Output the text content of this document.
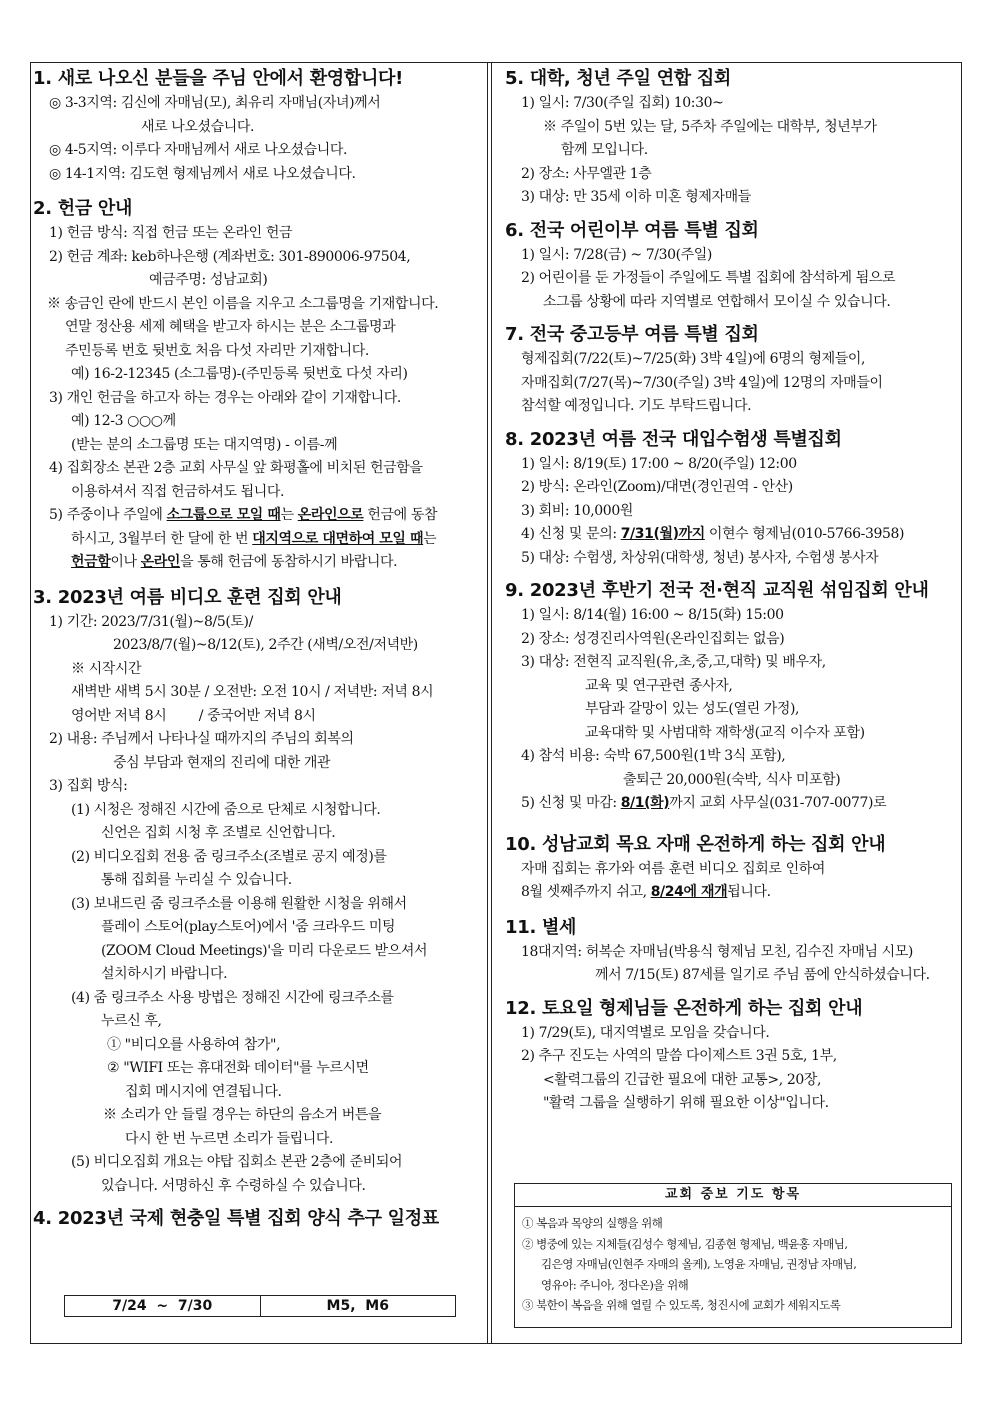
1. 새로 나오신 분들을 주님 안에서 환영합니다!
◎ 3-3지역: 김신에 자매님(모), 최유리 자매님(자녀)께서
새로 나오셨습니다.
◎ 4-5지역: 이루다 자매님께서 새로 나오셨습니다.
◎ 14-1지역: 김도현 형제님께서 새로 나오셨습니다.
2. 헌금 안내
1) 헌금 방식: 직접 헌금 또는 온라인 헌금
2) 헌금 계좌: keb하나은행 (계좌번호: 301-890006-97504,
예금주명: 성남교회)
※ 송금인 란에 반드시 본인 이름을 지우고 소그룹명을 기재합니다.
연말 정산용 세제 혜택을 받고자 하시는 분은 소그룹명과
주민등록 번호 뒷번호 처음 다섯 자리만 기재합니다.
예) 16-2-12345 (소그룹명)-(주민등록 뒷번호 다섯 자리)
3) 개인 헌금을 하고자 하는 경우는 아래와 같이 기재합니다.
예) 12-3 ○○○께
(받는 분의 소그룹명 또는 대지역명) - 이름-께
4) 집회장소 본관 2층 교회 사무실 앞 화평홀에 비치된 헌금함을
이용하셔서 직접 헌금하셔도 됩니다.
5) 주중이나 주일에 소그룹으로 모일 때는 온라인으로 헌금에 동참
하시고, 3월부터 한 달에 한 번 대지역으로 대면하여 모일 때는
헌금함이나 온라인을 통해 헌금에 동참하시기 바랍니다.
3. 2023년 여름 비디오 훈련 집회 안내
1) 기간: 2023/7/31(월)~8/5(토)/
2023/8/7(월)~8/12(토), 2주간 (새벽/오전/저녁반)
※ 시작시간
새벽반 새벽 5시 30분 / 오전반: 오전 10시 / 저녁반: 저녁 8시
영어반 저녁 8시        / 중국어반 저녁 8시
2) 내용: 주님께서 나타나실 때까지의 주님의 회복의
중심 부담과 현재의 진리에 대한 개관
3) 집회 방식:
(1) 시청은 정해진 시간에 줌으로 단체로 시청합니다.
신언은 집회 시청 후 조별로 신언합니다.
(2) 비디오집회 전용 줌 링크주소(조별로 공지 예정)를
통해 집회를 누리실 수 있습니다.
(3) 보내드린 줌 링크주소를 이용해 원활한 시청을 위해서
플레이 스토어(play스토어)에서 '줌 크라우드 미팅
(ZOOM Cloud Meetings)'을 미리 다운로드 받으셔서
설치하시기 바랍니다.
(4) 줌 링크주소 사용 방법은 정해진 시간에 링크주소를
누르신 후,
① "비디오를 사용하여 참가",
② "WIFI 또는 휴대전화 데이터"를 누르시면
집회 메시지에 연결됩니다.
※ 소리가 안 들릴 경우는 하단의 음소거 버튼을
다시 한 번 누르면 소리가 들립니다.
(5) 비디오집회 개요는 야탑 집회소 본관 2층에 준비되어
있습니다. 서명하신 후 수령하실 수 있습니다.
4. 2023년 국제 현충일 특별 집회 양식 추구 일정표
7/24  ~  7/30	M5,  M6
5. 대학, 청년 주일 연합 집회
1) 일시: 7/30(주일 집회) 10:30~
※ 주일이 5번 있는 달, 5주차 주일에는 대학부, 청년부가
함께 모입니다.
2) 장소: 사무엘관 1층
3) 대상: 만 35세 이하 미혼 형제자매들
6. 전국 어린이부 여름 특별 집회
1) 일시: 7/28(금) ~ 7/30(주일)
2) 어린이를 둔 가정들이 주일에도 특별 집회에 참석하게 됨으로
소그룹 상황에 따라 지역별로 연합해서 모이실 수 있습니다.
7. 전국 중고등부 여름 특별 집회
형제집회(7/22(토)~7/25(화) 3박 4일)에 6명의 형제들이,
자매집회(7/27(목)~7/30(주일) 3박 4일)에 12명의 자매들이
참석할 예정입니다. 기도 부탁드립니다.
8. 2023년 여름 전국 대입수험생 특별집회
1) 일시: 8/19(토) 17:00 ~ 8/20(주일) 12:00
2) 방식: 온라인(Zoom)/대면(경인권역 - 안산)
3) 회비: 10,000원
4) 신청 및 문의: 7/31(월)까지 이현수 형제님(010-5766-3958)
5) 대상: 수험생, 차상위(대학생, 청년) 봉사자, 수험생 봉사자
9. 2023년 후반기 전국 전·현직 교직원 섞임집회 안내
1) 일시: 8/14(월) 16:00 ~ 8/15(화) 15:00
2) 장소: 성경진리사역원(온라인집회는 없음)
3) 대상: 전현직 교직원(유,초,중,고,대학) 및 배우자,
교육 및 연구관련 종사자,
부담과 갈망이 있는 성도(열린 가정),
교육대학 및 사범대학 재학생(교직 이수자 포함)
4) 참석 비용: 숙박 67,500원(1박 3식 포함),
출퇴근 20,000원(숙박, 식사 미포함)
5) 신청 및 마감: 8/1(화)까지 교회 사무실(031-707-0077)로
10. 성남교회 목요 자매 온전하게 하는 집회 안내
자매 집회는 휴가와 여름 훈련 비디오 집회로 인하여
8월 셋째주까지 쉬고, 8/24에 재개됩니다.
11. 별세
18대지역: 허복순 자매님(박용식 형제님 모친, 김수진 자매님 시모)
께서 7/15(토) 87세를 일기로 주님 품에 안식하셨습니다.
12. 토요일 형제님들 온전하게 하는 집회 안내
1) 7/29(토), 대지역별로 모임을 갖습니다.
2) 추구 진도는 사역의 말씀 다이제스트 3권 5호, 1부,
<활력그룹의 긴급한 필요에 대한 교통>, 20장,
"활력 그룹을 실행하기 위해 필요한 이상"입니다.
교회 중보 기도 항목
① 복음과 목양의 실행을 위해
② 병중에 있는 지체들(김성수 형제님, 김종현 형제님, 백윤홍 자매님,
김은영 자매님(인현주 자매의 올케), 노영윤 자매님, 권정남 자매님,
영유아: 주니아, 정다온)을 위해
③ 북한이 복음을 위해 열릴 수 있도록, 청진시에 교회가 세워지도록
